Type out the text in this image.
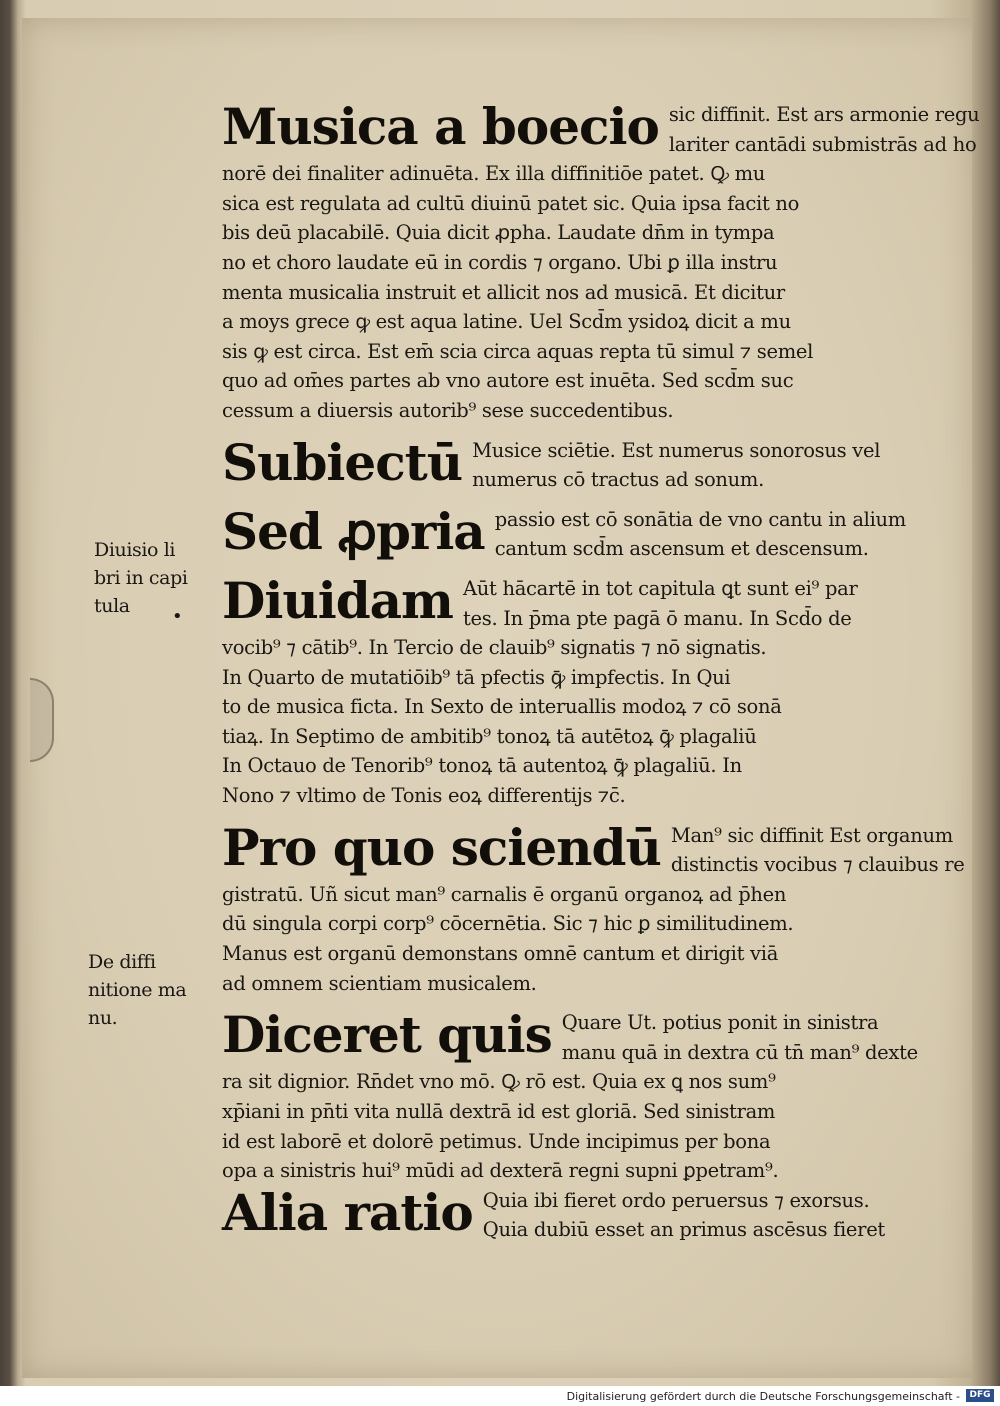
Musica a boecio sic diffinit. Est ars armonie regu
lariter cantādi submistrās ad ho
norē dei finaliter adinuēta. Ex illa diffinitiōe patet. Ꝙ mu
sica est regulata ad cultū diuinū patet sic. Quia ipsa facit no
bis deū placabilē. Quia dicit ꝓpha. Laudate dn̄m in tympa
no et choro laudate eū in cordis ⁊ organo. Ubi ꝑ illa instru
menta musicalia instruit et allicit nos ad musicā. Et dicitur
a moys grece ꝙ est aqua latine. Uel Scd̄m ysidoꝝ dicit a mu
sis ꝙ est circa. Est em̄ scia circa aquas repta tū simul ⁊ semel
quo ad om̄es partes ab vno autore est inuēta. Sed scd̄m suc
cessum a diuersis autorib⁹ sese succedentibus.
Subiectū Musice sciētie. Est numerus sonorosus vel
numerus cō tractus ad sonum.
Sed ꝓpria passio est cō sonātia de vno cantu in alium
cantum scd̄m ascensum et descensum.
Diuidam Aūt hācartē in tot capitula ꝗt sunt ei⁹ par
tes. In p̄ma pte pagā ō manu. In Scd̄o de
vocib⁹ ⁊ cātib⁹. In Tercio de clauib⁹ signatis ⁊ nō signatis.
In Quarto de mutatiōib⁹ tā pfectis ꝙ̄ impfectis. In Qui
to de musica ficta. In Sexto de interuallis modoꝝ ⁊ cō sonā
tiaꝝ. In Septimo de ambitib⁹ tonoꝝ tā autētoꝝ ꝙ̄ plagaliū
In Octauo de Tenorib⁹ tonoꝝ tā autentoꝝ ꝙ̄ plagaliū. In
Nono ⁊ vltimo de Tonis eoꝝ differentijs ⁊c̄.
Pro quo sciendū Man⁹ sic diffinit Est organum
distinctis vocibus ⁊ clauibus re
gistratū. Uñ sicut man⁹ carnalis ē organū organoꝝ ad p̄hen
dū singula corpi corp⁹ cōcernētia. Sic ⁊ hic ꝑ similitudinem.
Manus est organū demonstans omnē cantum et dirigit viā
ad omnem scientiam musicalem.
Diceret quis Quare Ut. potius ponit in sinistra
manu quā in dextra cū tn̄ man⁹ dexte
ra sit dignior. Rn̄det vno mō. Ꝙ rō est. Quia ex ꝗ nos sum⁹
xp̄iani in pn̄ti vita nullā dextrā id est gloriā. Sed sinistram
id est laborē et dolorē petimus. Unde incipimus per bona
opa a sinistris hui⁹ mūdi ad dexterā regni supni ꝑpetram⁹.
Alia ratio Quia ibi fieret ordo peruersus ⁊ exorsus.
Quia dubiū esset an primus ascēsus fieret
Diuisio li
bri in capi
tula	•
De diffi
nitione ma
nu.
Digitalisierung gefördert durch die Deutsche Forschungsgemeinschaft -	DFG
